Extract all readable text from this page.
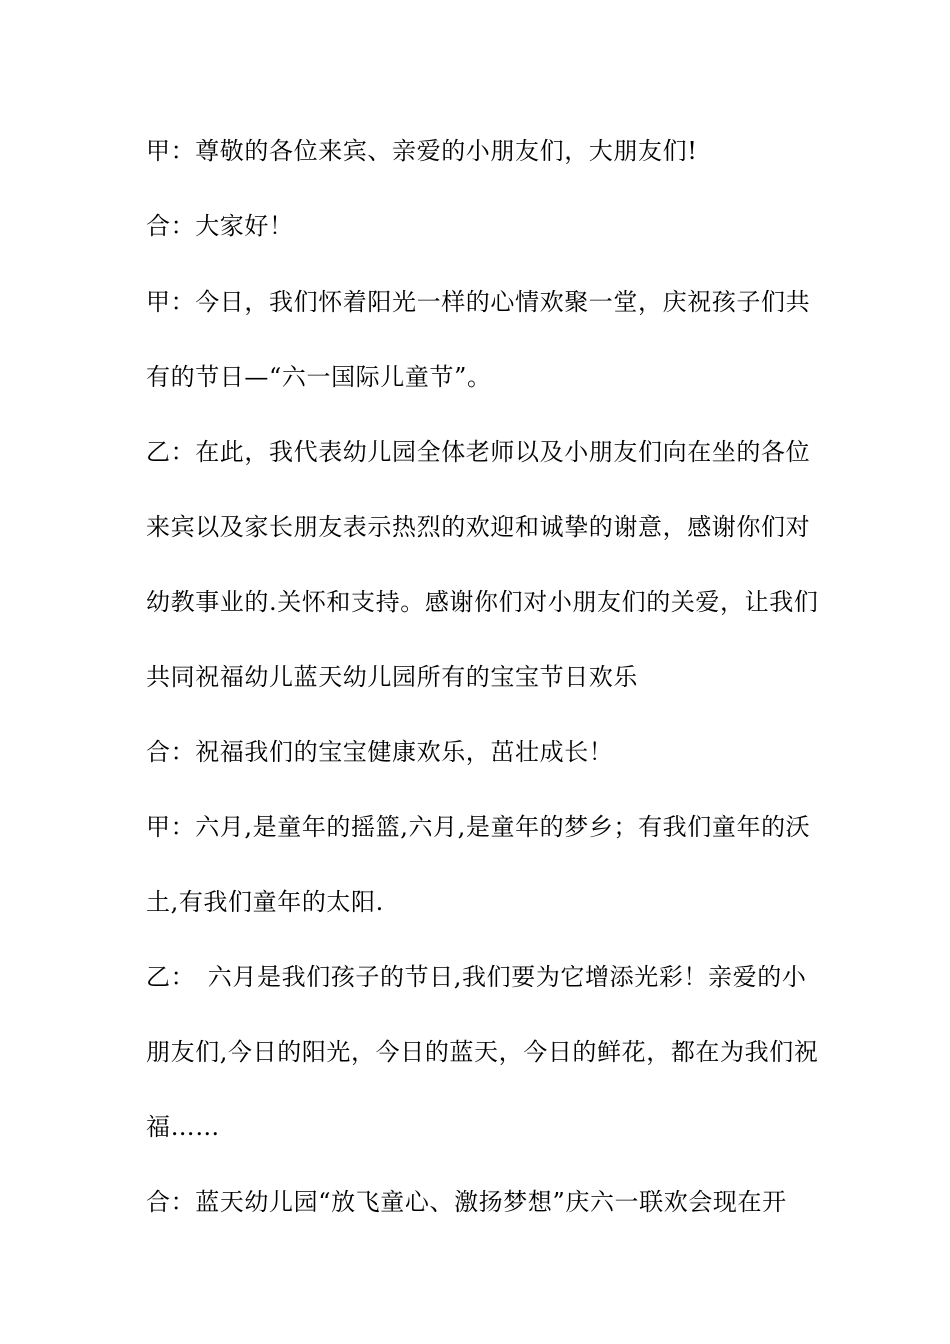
甲：尊敬的各位来宾、亲爱的小朋友们，大朋友们!
合：大家好！
甲：今日，我们怀着阳光一样的心情欢聚一堂，庆祝孩子们共
有的节日—“六一国际儿童节”。
乙：在此，我代表幼儿园全体老师以及小朋友们向在坐的各位
来宾以及家长朋友表示热烈的欢迎和诚挚的谢意，感谢你们对
幼教事业的.关怀和支持。感谢你们对小朋友们的关爱，让我们
共同祝福幼儿蓝天幼儿园所有的宝宝节日欢乐
合：祝福我们的宝宝健康欢乐，茁壮成长！
甲：六月,是童年的摇篮,六月,是童年的梦乡；有我们童年的沃
土,有我们童年的太阳.
乙：　六月是我们孩子的节日,我们要为它增添光彩！亲爱的小
朋友们,今日的阳光，今日的蓝天，今日的鲜花，都在为我们祝
福……
合：蓝天幼儿园“放飞童心、激扬梦想”庆六一联欢会现在开
